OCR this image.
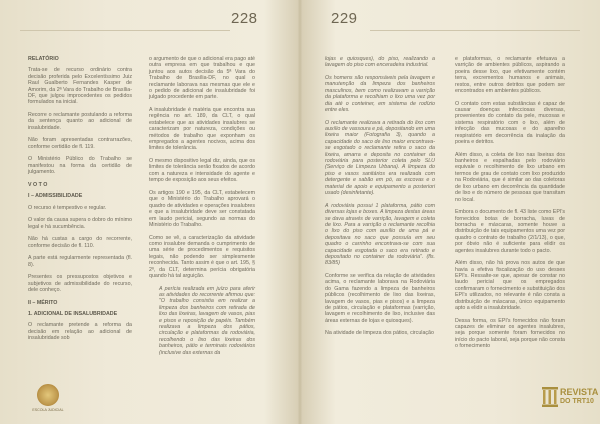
228	229

RELATÓRIO

Trata-se de recurso ordinário contra decisão proferida pelo Excelentíssimo Juiz Raul Gualberto Fernandes Kasper de Amorim, da 2ª Vara do Trabalho de Brasília-DF, que julgou improcedentes os pedidos formulados na inicial.

Recorre o reclamante postulando a reforma da sentença quanto ao adicional de insalubridade.

Não foram apresentadas contrarrazões, conforme certidão de fl. 119.

O Ministério Público do Trabalho se manifestou na forma da certidão de julgamento.

V O T O

I – ADMISSIBILIDADE

O recurso é tempestivo e regular.

O valor da causa supera o dobro do mínimo legal e há sucumbência.

Não há custas a cargo do recorrente, conforme decisão de fl. 110.

A parte está regularmente representada (fl. 8).

Presentes os pressupostos objetivos e subjetivos de admissibilidade do recurso, dele conheço.

II – MÉRITO

1. ADICIONAL DE INSALUBRIDADE

O reclamante pretende a reforma da decisão em relação ao adicional de insalubridade sob

o argumento de que o adicional era pago até outra empresa em que trabalhou e que juntou aos autos decisão da 5ª Vara do Trabalho de Brasília-DF, no qual o reclamante laborava nas mesmas que ele e o pedido de adicional de insalubridade foi julgado procedente em parte.

A insalubridade é matéria que encontra sua regência no art. 189, da CLT, o qual estabelece que as atividades insalubres se caracterizam por natureza, condições ou métodos de trabalho que exponham os empregados a agentes nocivos, acima dos limites de tolerância.

O mesmo dispositivo legal diz, ainda, que os limites de tolerância serão fixados de acordo com a natureza e intensidade do agente e tempo de exposição aos seus efeitos.

Os artigos 190 e 195, da CLT, estabelecem que o Ministério do Trabalho aprovará o quadro de atividades e operações insalubres e que a insalubridade deve ser constatada em laudo pericial, segundo as normas do Ministério do Trabalho.

Como se vê, a caracterização da atividade como insalubre demanda o cumprimento de uma série de procedimentos e requisitos legais, não podendo ser simplesmente reconhecida. Tanto assim é que o art. 195, § 2º, da CLT, determina perícia obrigatória quando há tal arguição.

A perícia realizada em juízo para aferir as atividades do recorrente afirmou que: "O trabalho consistia em realizar a limpeza dos banheiros com retirada de lixo das lixeiras, lavagem de vasos, pias e pisos e reposição de papéis. Também realizava a limpeza dos pátios, circulação e plataformas da rodoviária, recolhendo o lixo das lixeiras dos banheiros, pátio e terminais rodoviários (inclusive das externas da

lojas e quiosques), do piso, realizando a lavagem do piso com enceradeira industrial.

Os homens são responsáveis pela lavagem e manutenção da limpeza dos banheiros masculinos, bem como realizavam a varrição da plataforma e recolhiam o lixo uma vez por dia até o conteiner, em sistema de rodízio entre eles.

O reclamante realizava a retirada do lixo com auxílio de vassoura e pá, depositando em uma lixeira maior (Fotografia 3), quando a capacidade do saco de lixo maior encontrava-se esgotado o reclamante retira o saco da lixeira, amarra e deposita no container da rodoviária para posterior coleta pelo SLU (Serviço de Limpeza Urbana). A limpeza do piso e vasos sanitários era realizada com detergente e sabão em pó, as escovas e o material de apoio e equipamento a posteriori usado (desinfetante).

A rodoviária possui 1 plataforma, pátio com diversas lojas e boxes. A limpeza destas áreas se dava através de varrição, lavagem e coleta de lixo. Para a varrição o reclamante recolhia o lixo do piso com auxílio de uma pá e depositava no saco que possuía em seu quadro o carrinho encontrava-se com sua capacidade esgotada o saco era retirado e depositado no container da rodoviária". (fls. 83/85)

Conforme se verifica da relação de atividades acima, o reclamante laborava na Rodoviária do Gama fazendo a limpeza de banheiros públicos (recolhimento de lixo das lixeiras, lavagem de vasos, pias e pisos) e a limpeza de pátios, circulação e plataformas (varrição, lavagem e recolhimento de lixo, inclusive das áreas externas de lojas e quiosques).

Na atividade de limpeza dos pátios, circulação

e plataformas, o reclamante efetuava a varrição de ambientes públicos, aspirando a poeira desse lixo, que efetivamente contém terra, excrementos humanos e animais, restos, entre outros detritos que podem ser encontrados em ambientes públicos.

O contato com estas substâncias é capaz de causar doenças infecciosas diversas, provenientes do contato da pele, mucosas e sistema respiratório com o lixo, além de infecção das mucosas e do aparelho respiratório em decorrência da inalação da poeira e detritos.

Além disso, a coleta de lixo nas lixeiras dos banheiros e espalhadas pelo rodoviário equivale o recolhimento de lixo urbano em termos de grau de contato com lixo produzido na Rodoviária, que é similar ao das coletoras de lixo urbano em decorrência da quantidade de lixo e do número de pessoas que transitam no local.

Embora o documento de fl. 43 liste como EPI's fornecidos botas de borracha, luvas de borracha e máscaras, somente houve a distribuição de tais equipamentos uma vez por quadro o contrato de trabalho (2/1/13), o que, por óbvio não é suficiente para elidir os agentes insalubres durante todo o pacto.

Além disso, não há prova nos autos de que havia a efetiva fiscalização do uso desses EPI's. Ressalte-se que, apesar de constar no laudo pericial que os empregados confirmaram o fornecimento e substituição dos EPI's utilizados, no relevante é não consta a distribuição de máscaras, único equipamento apto a elidir a insalubridade.

Dessa forma, os EPI's fornecidos não foram capazes de eliminar os agentes insalubres, seja porque somente foram fornecidos no início do pacto laboral, seja porque não consta o fornecimento

ESCOLA JUDICIAL
REVISTA
DO TRT10
